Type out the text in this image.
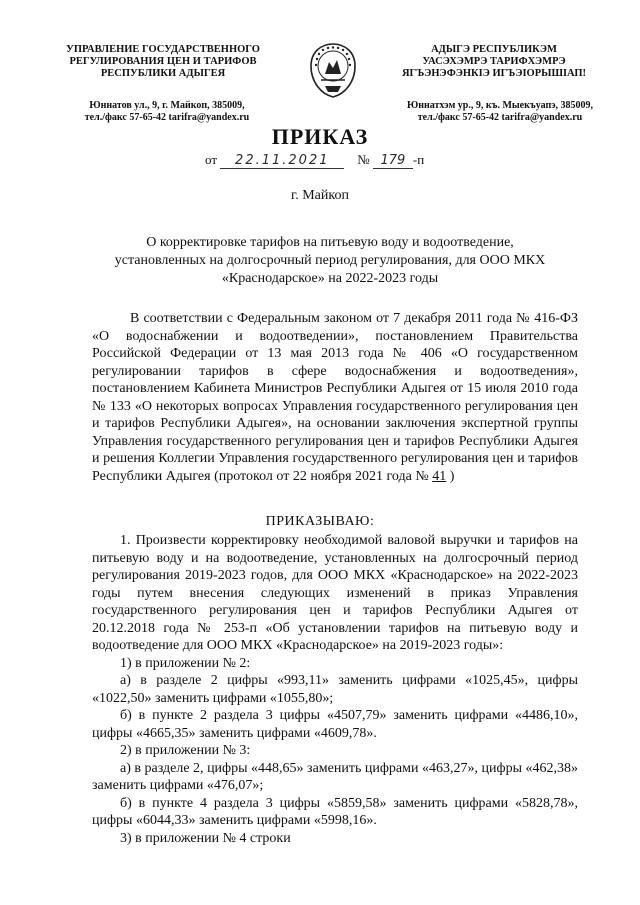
УПРАВЛЕНИЕ ГОСУДАРСТВЕННОГО
РЕГУЛИРОВАНИЯ ЦЕН И ТАРИФОВ
РЕСПУБЛИКИ АДЫГЕЯ
Юннатов ул., 9, г. Майкоп, 385009,
тел./факс 57-65-42 tarifra@yandex.ru
АДЫГЭ РЕСПУБЛИКЭМ
УАСЭХЭМРЭ ТАРИФХЭМРЭ
ЯГЪЭНЭФЭНКIЭ ИГЪЭIОРЫШIАП!
Юннатхэм ур., 9, къ. Мыекъуапэ, 385009,
тел./факс 57-65-42 tarifra@yandex.ru
ПРИКАЗ
от 22.11.2021 № 179 -п
г. Майкоп
О корректировке тарифов на питьевую воду и водоотведение,
установленных на долгосрочный период регулирования, для ООО МКХ
«Краснодарское» на 2022-2023 годы

В соответствии с Федеральным законом от 7 декабря 2011 года № 416-ФЗ «О водоснабжении и водоотведении», постановлением Правительства Российской Федерации от 13 мая 2013 года № 406 «О государственном регулировании тарифов в сфере водоснабжения и водоотведения», постановлением Кабинета Министров Республики Адыгея от 15 июля 2010 года № 133 «О некоторых вопросах Управления государственного регулирования цен и тарифов Республики Адыгея», на основании заключения экспертной группы Управления государственного регулирования цен и тарифов Республики Адыгея и решения Коллегии Управления государственного регулирования цен и тарифов Республики Адыгея (протокол от 22 ноября 2021 года № 41 )

ПРИКАЗЫВАЮ:

1. Произвести корректировку необходимой валовой выручки и тарифов на питьевую воду и на водоотведение, установленных на долгосрочный период регулирования 2019-2023 годов, для ООО МКХ «Краснодарское» на 2022-2023 годы путем внесения следующих изменений в приказ Управления государственного регулирования цен и тарифов Республики Адыгея от 20.12.2018 года № 253-п «Об установлении тарифов на питьевую воду и водоотведение для ООО МКХ «Краснодарское» на 2019-2023 годы»:

1) в приложении № 2:

а) в разделе 2 цифры «993,11» заменить цифрами «1025,45», цифры «1022,50» заменить цифрами «1055,80»;

б) в пункте 2 раздела 3 цифры «4507,79» заменить цифрами «4486,10», цифры «4665,35» заменить цифрами «4609,78».

2) в приложении № 3:

а) в разделе 2, цифры «448,65» заменить цифрами «463,27», цифры «462,38» заменить цифрами «476,07»;

б) в пункте 4 раздела 3 цифры «5859,58» заменить цифрами «5828,78», цифры «6044,33» заменить цифрами «5998,16».

3) в приложении № 4 строки
